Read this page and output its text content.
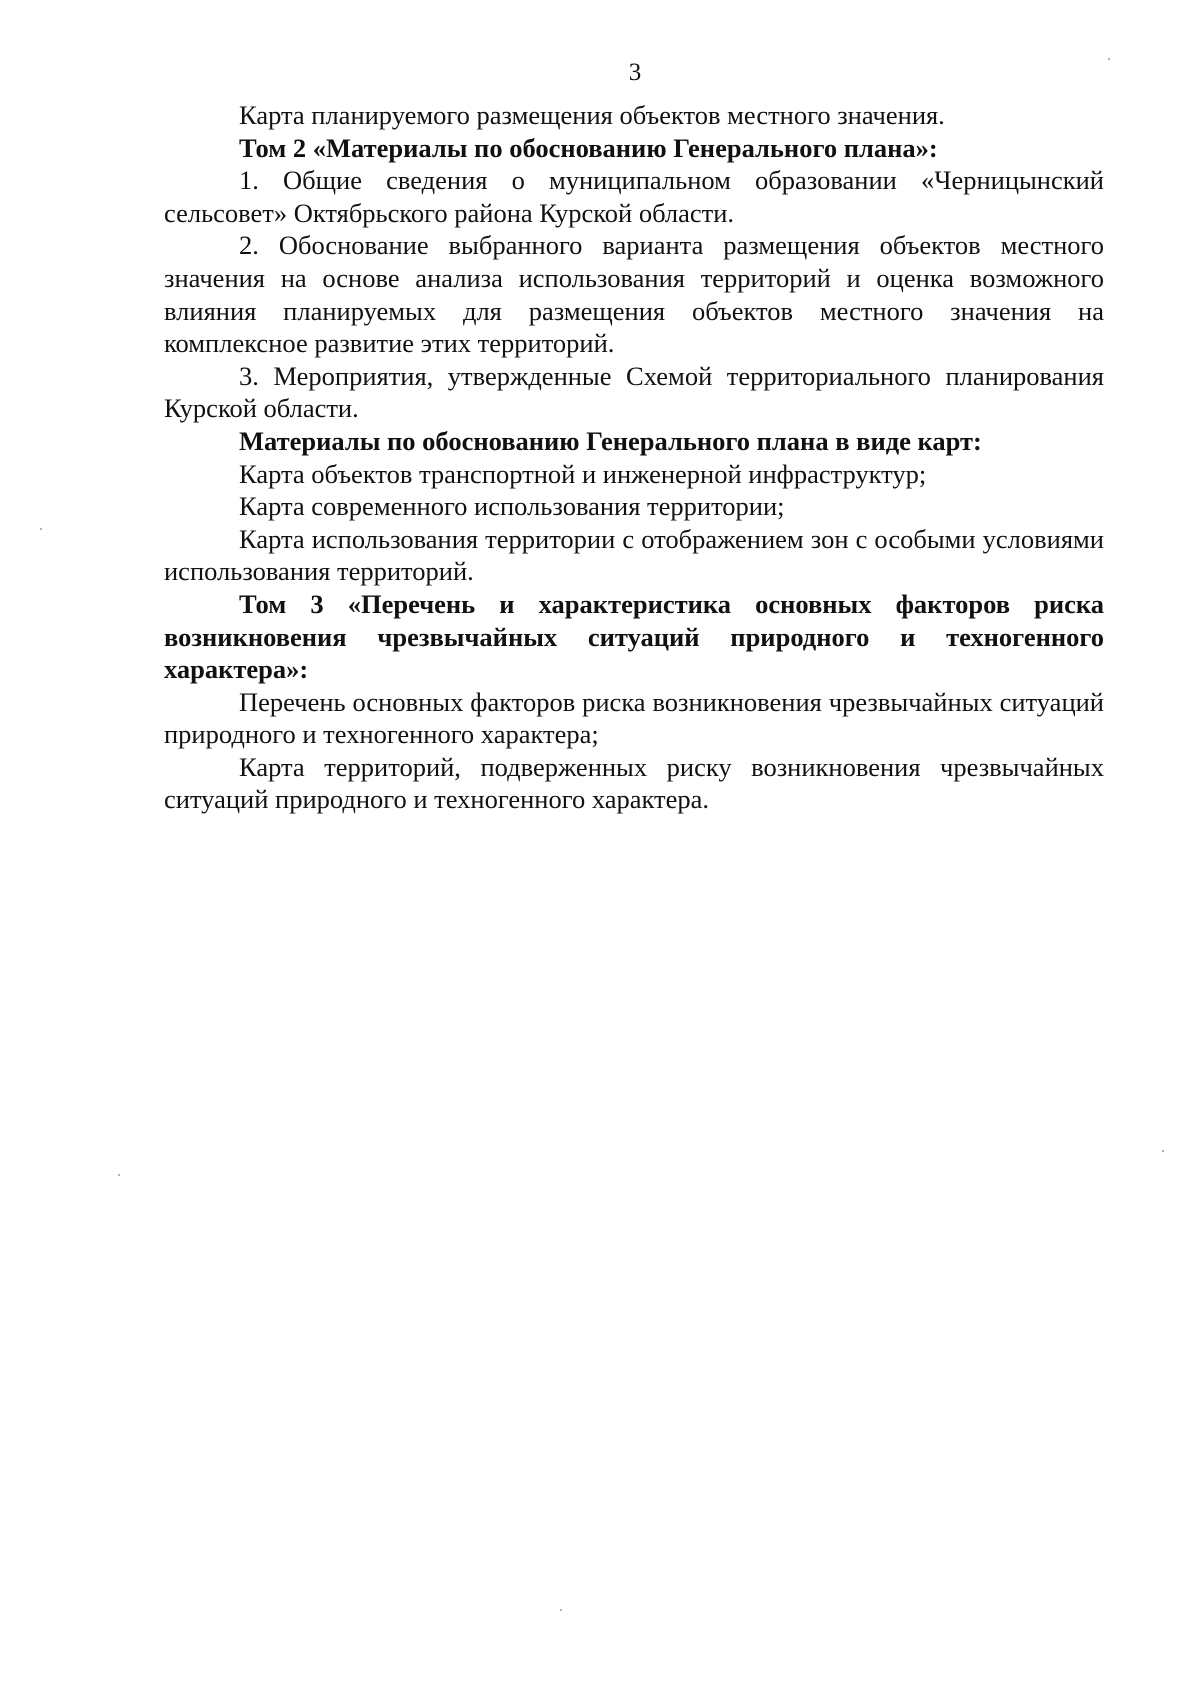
3

Карта планируемого размещения объектов местного значения.

Том 2 «Материалы по обоснованию Генерального плана»:

1. Общие сведения о муниципальном образовании «Черницынский сельсовет» Октябрьского района Курской области.

2. Обоснование выбранного варианта размещения объектов местного значения на основе анализа использования территорий и оценка возможного влияния планируемых для размещения объектов местного значения на комплексное развитие этих территорий.

3. Мероприятия, утвержденные Схемой территориального планирования Курской области.

Материалы по обоснованию Генерального плана в виде карт:

Карта объектов транспортной и инженерной инфраструктур;

Карта современного использования территории;

Карта использования территории с отображением зон с особыми условиями использования территорий.

Том 3 «Перечень и характеристика основных факторов риска возникновения чрезвычайных ситуаций природного и техногенного характера»:

Перечень основных факторов риска возникновения чрезвычайных ситуаций природного и техногенного характера;

Карта территорий, подверженных риску возникновения чрезвычайных ситуаций природного и техногенного характера.
